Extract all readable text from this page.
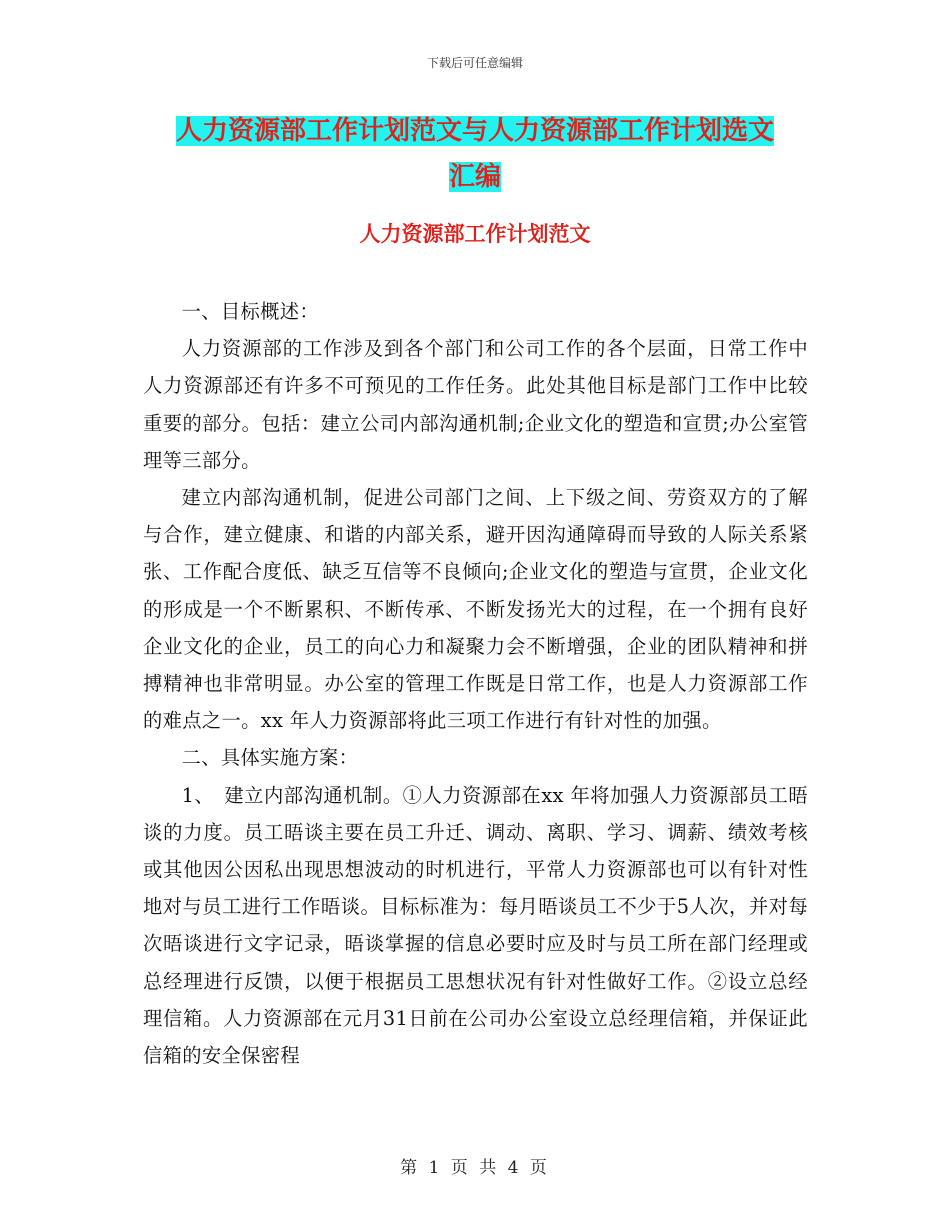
下载后可任意编辑
人力资源部工作计划范文与人力资源部工作计划选文
汇编
人力资源部工作计划范文

一、目标概述：

人力资源部的工作涉及到各个部门和公司工作的各个层面，日常工作中人力资源部还有许多不可预见的工作任务。此处其他目标是部门工作中比较重要的部分。包括：建立公司内部沟通机制;企业文化的塑造和宣贯;办公室管理等三部分。

建立内部沟通机制，促进公司部门之间、上下级之间、劳资双方的了解与合作，建立健康、和谐的内部关系，避开因沟通障碍而导致的人际关系紧张、工作配合度低、缺乏互信等不良倾向;企业文化的塑造与宣贯，企业文化的形成是一个不断累积、不断传承、不断发扬光大的过程，在一个拥有良好企业文化的企业，员工的向心力和凝聚力会不断增强，企业的团队精神和拼搏精神也非常明显。办公室的管理工作既是日常工作，也是人力资源部工作的难点之一。xx 年人力资源部将此三项工作进行有针对性的加强。

二、具体实施方案：

1、　建立内部沟通机制。①人力资源部在xx 年将加强人力资源部员工晤谈的力度。员工晤谈主要在员工升迁、调动、离职、学习、调薪、绩效考核或其他因公因私出现思想波动的时机进行，平常人力资源部也可以有针对性地对与员工进行工作晤谈。目标标准为：每月晤谈员工不少于5人次，并对每次晤谈进行文字记录，晤谈掌握的信息必要时应及时与员工所在部门经理或总经理进行反馈，以便于根据员工思想状况有针对性做好工作。②设立总经理信箱。人力资源部在元月31日前在公司办公室设立总经理信箱，并保证此信箱的安全保密程

第 1 页 共 4 页
